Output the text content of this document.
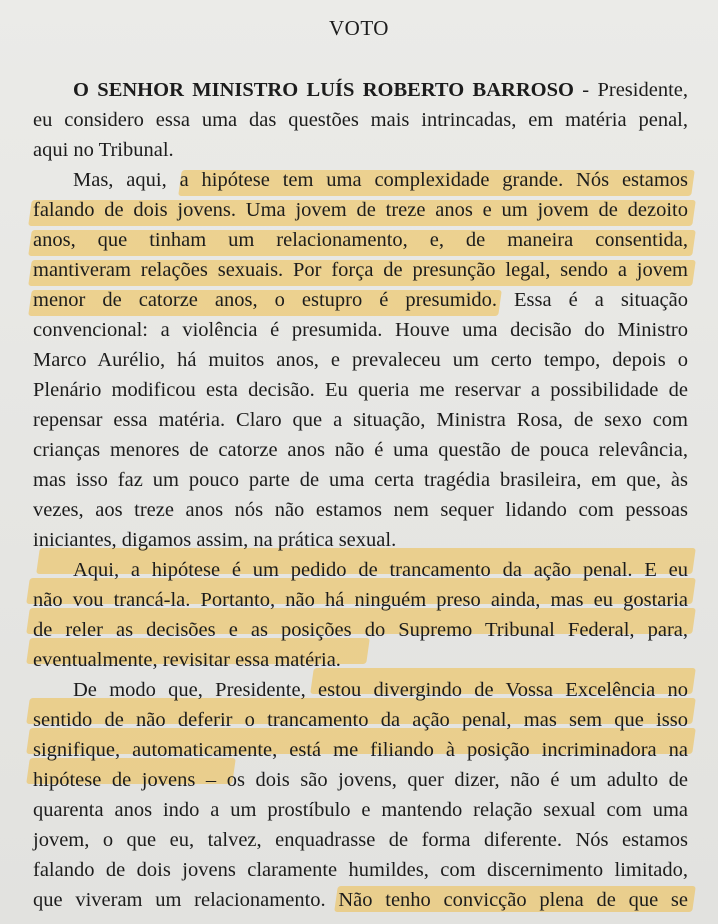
VOTO
O SENHOR MINISTRO LUÍS ROBERTO BARROSO - Presidente,
eu considero essa uma das questões mais intrincadas, em matéria penal,
aqui no Tribunal.
Mas, aqui, a hipótese tem uma complexidade grande. Nós estamos
falando de dois jovens. Uma jovem de treze anos e um jovem de dezoito
anos, que tinham um relacionamento, e, de maneira consentida,
mantiveram relações sexuais. Por força de presunção legal, sendo a jovem
menor de catorze anos, o estupro é presumido. Essa é a situação
convencional: a violência é presumida. Houve uma decisão do Ministro
Marco Aurélio, há muitos anos, e prevaleceu um certo tempo, depois o
Plenário modificou esta decisão. Eu queria me reservar a possibilidade de
repensar essa matéria. Claro que a situação, Ministra Rosa, de sexo com
crianças menores de catorze anos não é uma questão de pouca relevância,
mas isso faz um pouco parte de uma certa tragédia brasileira, em que, às
vezes, aos treze anos nós não estamos nem sequer lidando com pessoas
iniciantes, digamos assim, na prática sexual.
Aqui, a hipótese é um pedido de trancamento da ação penal. E eu
não vou trancá-la. Portanto, não há ninguém preso ainda, mas eu gostaria
de reler as decisões e as posições do Supremo Tribunal Federal, para,
eventualmente, revisitar essa matéria.
De modo que, Presidente, estou divergindo de Vossa Excelência no
sentido de não deferir o trancamento da ação penal, mas sem que isso
signifique, automaticamente, está me filiando à posição incriminadora na
hipótese de jovens – os dois são jovens, quer dizer, não é um adulto de
quarenta anos indo a um prostíbulo e mantendo relação sexual com uma
jovem, o que eu, talvez, enquadrasse de forma diferente. Nós estamos
falando de dois jovens claramente humildes, com discernimento limitado,
que viveram um relacionamento. Não tenho convicção plena de que se
